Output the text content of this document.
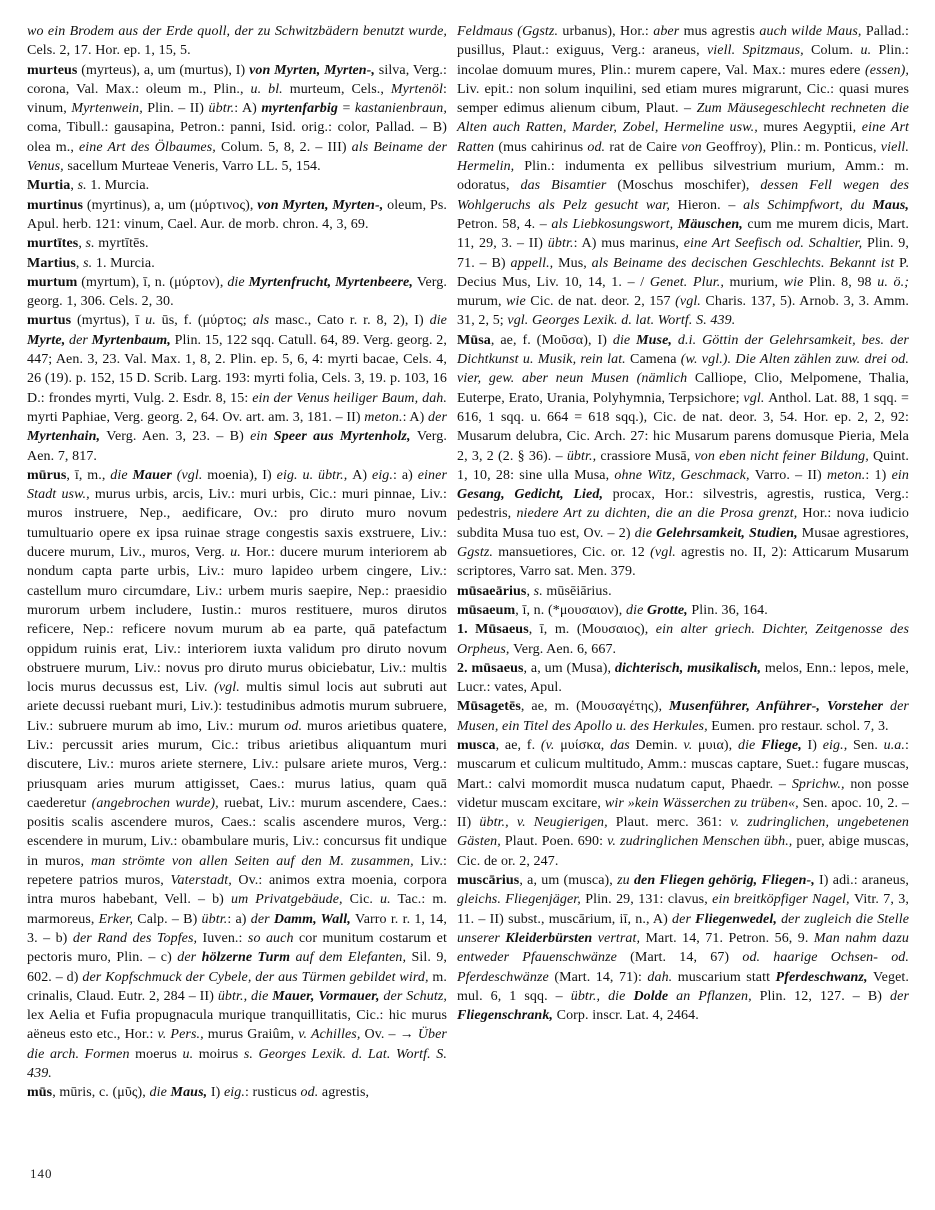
wo ein Brodem aus der Erde quoll, der zu Schwitzbädern benutzt wurde, Cels. 2, 17. Hor. ep. 1, 15, 5.

murteus (myrteus), a, um (murtus), I) von Myrten, Myrten-, silva, Verg.: corona, Val. Max.: oleum m., Plin., u. bl. murteum, Cels., Myrtenöl: vinum, Myrtenwein, Plin. – II) übtr.: A) myrtenfarbig = kastanienbraun, coma, Tibull.: gausapina, Petron.: panni, Isid. orig.: color, Pallad. – B) olea m., eine Art des Ölbaumes, Colum. 5, 8, 2. – III) als Beiname der Venus, sacellum Murteae Veneris, Varro LL. 5, 154.

Murtia, s. 1. Murcia.

murtinus (myrtinus), a, um (μύρτινος), von Myrten, Myrten-, oleum, Ps. Apul. herb. 121: vinum, Cael. Aur. de morb. chron. 4, 3, 69.

murtītes, s. myrtītēs.

Martius, s. 1. Murcia.

murtum (myrtum), ī, n. (μύρτον), die Myrtenfrucht, Myrtenbeere, Verg. georg. 1, 306. Cels. 2, 30.

murtus (myrtus), ī u. ūs, f. (μύρτος; als masc., Cato r. r. 8, 2), I) die Myrte, der Myrtenbaum, Plin. 15, 122 sqq. Catull. 64, 89. Verg. georg. 2, 447; Aen. 3, 23. Val. Max. 1, 8, 2. Plin. ep. 5, 6, 4: myrti bacae, Cels. 4, 26 (19). p. 152, 15 D. Scrib. Larg. 193: myrti folia, Cels. 3, 19. p. 103, 16 D.: frondes myrti, Vulg. 2. Esdr. 8, 15: ein der Venus heiliger Baum, dah. myrti Paphiae, Verg. georg. 2, 64. Ov. art. am. 3, 181. – II) meton.: A) der Myrtenhain, Verg. Aen. 3, 23. – B) ein Speer aus Myrtenholz, Verg. Aen. 7, 817.

mūrus, ī, m., die Mauer (vgl. moenia), I) eig. u. übtr., A) eig.: a) einer Stadt usw., murus urbis, arcis, Liv.: muri urbis, Cic.: muri pinnae, Liv.: muros instruere, Nep., aedificare, Ov.: pro diruto muro novum tumultuario opere ex ipsa ruinae strage congestis saxis exstruere, Liv.: ducere murum, Liv., muros, Verg. u. Hor.: ducere murum interiorem ab nondum capta parte urbis, Liv.: muro lapideo urbem cingere, Liv.: castellum muro circumdare, Liv.: urbem muris saepire, Nep.: praesidio murorum urbem includere, Iustin.: muros restituere, muros dirutos reficere, Nep.: reficere novum murum ab ea parte, quā patefactum oppidum ruinis erat, Liv.: interiorem iuxta validum pro diruto novum obstruere murum, Liv.: novus pro diruto murus obiciebatur, Liv.: multis locis murus decussus est, Liv. (vgl. multis simul locis aut subruti aut ariete decussi ruebant muri, Liv.): testudinibus admotis murum subruere, Liv.: subruere murum ab imo, Liv.: murum od. muros arietibus quatere, Liv.: percussit aries murum, Cic.: tribus arietibus aliquantum muri discutere, Liv.: muros ariete sternere, Liv.: pulsare ariete muros, Verg.: priusquam aries murum attigisset, Caes.: murus latius, quam quā caederetur (angebrochen wurde), ruebat, Liv.: murum ascendere, Caes.: positis scalis ascendere muros, Caes.: scalis ascendere muros, Verg.: escendere in murum, Liv.: obambulare muris, Liv.: concursus fit undique in muros, man strömte von allen Seiten auf den M. zusammen, Liv.: repetere patrios muros, Vaterstadt, Ov.: animos extra moenia, corpora intra muros habebant, Vell. – b) um Privatgebäude, Cic. u. Tac.: m. marmoreus, Erker, Calp. – B) übtr.: a) der Damm, Wall, Varro r. r. 1, 14, 3. – b) der Rand des Topfes, Iuven.: so auch cor munitum costarum et pectoris muro, Plin. – c) der hölzerne Turm auf dem Elefanten, Sil. 9, 602. – d) der Kopfschmuck der Cybele, der aus Türmen gebildet wird, m. crinalis, Claud. Eutr. 2, 284 – II) übtr., die Mauer, Vormauer, der Schutz, lex Aelia et Fufia propugnacula murique tranquillitatis, Cic.: hic murus aëneus esto etc., Hor.: v. Pers., murus Graiûm, v. Achilles, Ov. – → Über die arch. Formen moerus u. moirus s. Georges Lexik. d. Lat. Wortf. S. 439.

mūs, mūris, c. (μῦς), die Maus, I) eig.: rusticus od. agrestis,

Feldmaus (Ggstz. urbanus), Hor.: aber mus agrestis auch wilde Maus, Pallad.: pusillus, Plaut.: exiguus, Verg.: araneus, viell. Spitzmaus, Colum. u. Plin.: incolae domuum mures, Plin.: murem capere, Val. Max.: mures edere (essen), Liv. epit.: non solum inquilini, sed etiam mures migrarunt, Cic.: quasi mures semper edimus alienum cibum, Plaut. – Zum Mäusegeschlecht rechneten die Alten auch Ratten, Marder, Zobel, Hermeline usw., mures Aegyptii, eine Art Ratten (mus cahirinus od. rat de Caire von Geoffroy), Plin.: m. Ponticus, viell. Hermelin, Plin.: indumenta ex pellibus silvestrium murium, Amm.: m. odoratus, das Bisamtier (Moschus moschifer), dessen Fell wegen des Wohlgeruchs als Pelz gesucht war, Hieron. – als Schimpfwort, du Maus, Petron. 58, 4. – als Liebkosungswort, Mäuschen, cum me murem dicis, Mart. 11, 29, 3. – II) übtr.: A) mus marinus, eine Art Seefisch od. Schaltier, Plin. 9, 71. – B) appell., Mus, als Beiname des decischen Geschlechts. Bekannt ist P. Decius Mus, Liv. 10, 14, 1. – / Genet. Plur., murium, wie Plin. 8, 98 u. ö.; murum, wie Cic. de nat. deor. 2, 157 (vgl. Charis. 137, 5). Arnob. 3, 3. Amm. 31, 2, 5; vgl. Georges Lexik. d. lat. Wortf. S. 439.

Mūsa, ae, f. (Μοῦσα), I) die Muse, d.i. Göttin der Gelehrsamkeit, bes. der Dichtkunst u. Musik, rein lat. Camena (w. vgl.). Die Alten zählen zuw. drei od. vier, gew. aber neun Musen (nämlich Calliope, Clio, Melpomene, Thalia, Euterpe, Erato, Urania, Polyhymnia, Terpsichore; vgl. Anthol. Lat. 88, 1 sqq. = 616, 1 sqq. u. 664 = 618 sqq.), Cic. de nat. deor. 3, 54. Hor. ep. 2, 2, 92: Musarum delubra, Cic. Arch. 27: hic Musarum parens domusque Pieria, Mela 2, 3, 2 (2. § 36). – übtr., crassiore Musā, von eben nicht feiner Bildung, Quint. 1, 10, 28: sine ulla Musa, ohne Witz, Geschmack, Varro. – II) meton.: 1) ein Gesang, Gedicht, Lied, procax, Hor.: silvestris, agrestis, rustica, Verg.: pedestris, niedere Art zu dichten, die an die Prosa grenzt, Hor.: nova iudicio subdita Musa tuo est, Ov. – 2) die Gelehrsamkeit, Studien, Musae agrestiores, Ggstz. mansuetiores, Cic. or. 12 (vgl. agrestis no. II, 2): Atticarum Musarum scriptores, Varro sat. Men. 379.

mūsaeārius, s. mūsēiārius.

mūsaeum, ī, n. (*μουσαιον), die Grotte, Plin. 36, 164.

1. Mūsaeus, ī, m. (Μουσαιος), ein alter griech. Dichter, Zeitgenosse des Orpheus, Verg. Aen. 6, 667.

2. mūsaeus, a, um (Musa), dichterisch, musikalisch, melos, Enn.: lepos, mele, Lucr.: vates, Apul.

Mūsagetēs, ae, m. (Μουσαγέτης), Musenführer, Anführer-, Vorsteher der Musen, ein Titel des Apollo u. des Herkules, Eumen. pro restaur. schol. 7, 3.

musca, ae, f. (v. μυίσκα, das Demin. v. μυια), die Fliege, I) eig., Sen. u.a.: muscarum et culicum multitudo, Amm.: muscas captare, Suet.: fugare muscas, Mart.: calvi momordit musca nudatum caput, Phaedr. – Sprichw., non posse videtur muscam excitare, wir »kein Wässerchen zu trüben«, Sen. apoc. 10, 2. – II) übtr., v. Neugierigen, Plaut. merc. 361: v. zudringlichen, ungebetenen Gästen, Plaut. Poen. 690: v. zudringlichen Menschen übh., puer, abige muscas, Cic. de or. 2, 247.

muscārius, a, um (musca), zu den Fliegen gehörig, Fliegen-, I) adi.: araneus, gleichs. Fliegenjäger, Plin. 29, 131: clavus, ein breitköpfiger Nagel, Vitr. 7, 3, 11. – II) subst., muscārium, iī, n., A) der Fliegenwedel, der zugleich die Stelle unserer Kleiderbürsten vertrat, Mart. 14, 71. Petron. 56, 9. Man nahm dazu entweder Pfauenschwänze (Mart. 14, 67) od. haarige Ochsen- od. Pferdeschwänze (Mart. 14, 71): dah. muscarium statt Pferdeschwanz, Veget. mul. 6, 1 sqq. – übtr., die Dolde an Pflanzen, Plin. 12, 127. – B) der Fliegenschrank, Corp. inscr. Lat. 4, 2464.

140
